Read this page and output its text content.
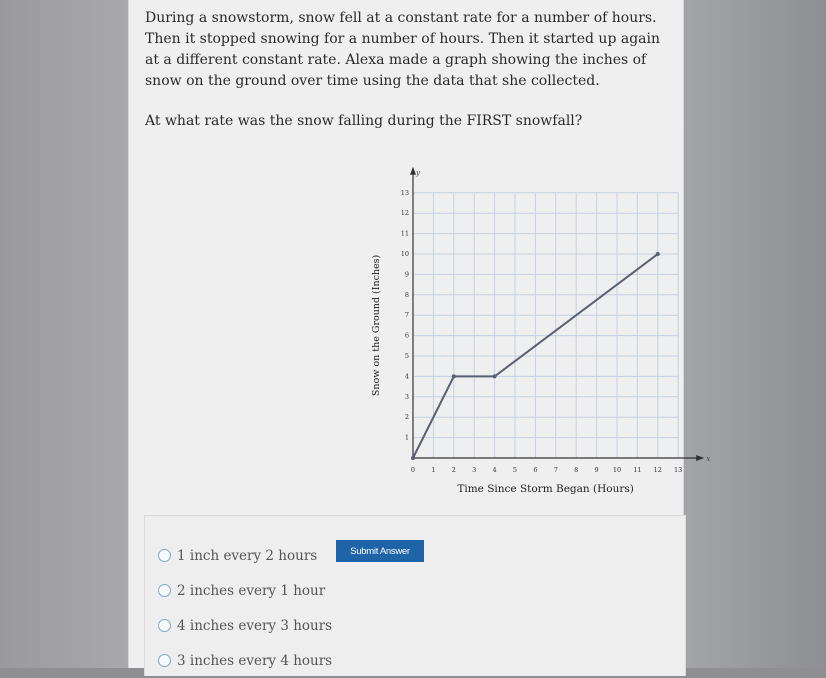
During a snowstorm, snow fell at a constant rate for a number of hours. Then it stopped snowing for a number of hours. Then it started up again at a different constant rate. Alexa made a graph showing the inches of snow on the ground over time using the data that she collected.
At what rate was the snow falling during the FIRST snowfall?
x
y
0	1	2	3	4	5	6	7	8	9 10 11 12 13
1
2
3
4
5
6
7
8
9
10
11
12
13
Time Since Storm Began (Hours)
Snow on the Ground (Inches)
1 inch every 2 hours
2 inches every 1 hour
4 inches every 3 hours
3 inches every 4 hours
Submit Answer
